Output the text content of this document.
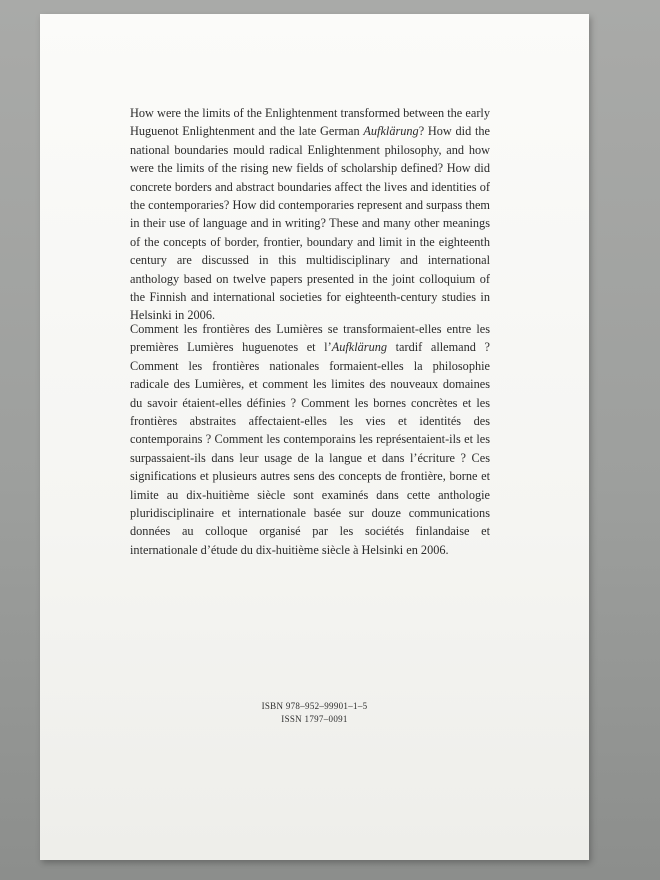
How were the limits of the Enlightenment transformed between the early Huguenot Enlightenment and the late German Aufklärung? How did the national boundaries mould radical Enlightenment philosophy, and how were the limits of the rising new fields of scholarship defined? How did concrete borders and abstract boundaries affect the lives and identities of the contemporaries? How did contemporaries represent and surpass them in their use of language and in writing? These and many other meanings of the concepts of border, frontier, boundary and limit in the eighteenth century are discussed in this multidisciplinary and international anthology based on twelve papers presented in the joint colloquium of the Finnish and international societies for eighteenth-century studies in Helsinki in 2006.

Comment les frontières des Lumières se transformaient-elles entre les premières Lumières huguenotes et l’Aufklärung tardif allemand ? Comment les frontières nationales formaient-elles la philosophie radicale des Lumières, et comment les limites des nouveaux domaines du savoir étaient-elles définies ? Comment les bornes concrètes et les frontières abstraites affectaient-elles les vies et identités des contemporains ? Comment les contemporains les représentaient-ils et les surpassaient-ils dans leur usage de la langue et dans l’écriture ? Ces significations et plusieurs autres sens des concepts de frontière, borne et limite au dix-huitième siècle sont examinés dans cette anthologie pluridisciplinaire et internationale basée sur douze communications données au colloque organisé par les sociétés finlandaise et internationale d’étude du dix-huitième siècle à Helsinki en 2006.

ISBN 978–952–99901–1–5
ISSN 1797–0091
